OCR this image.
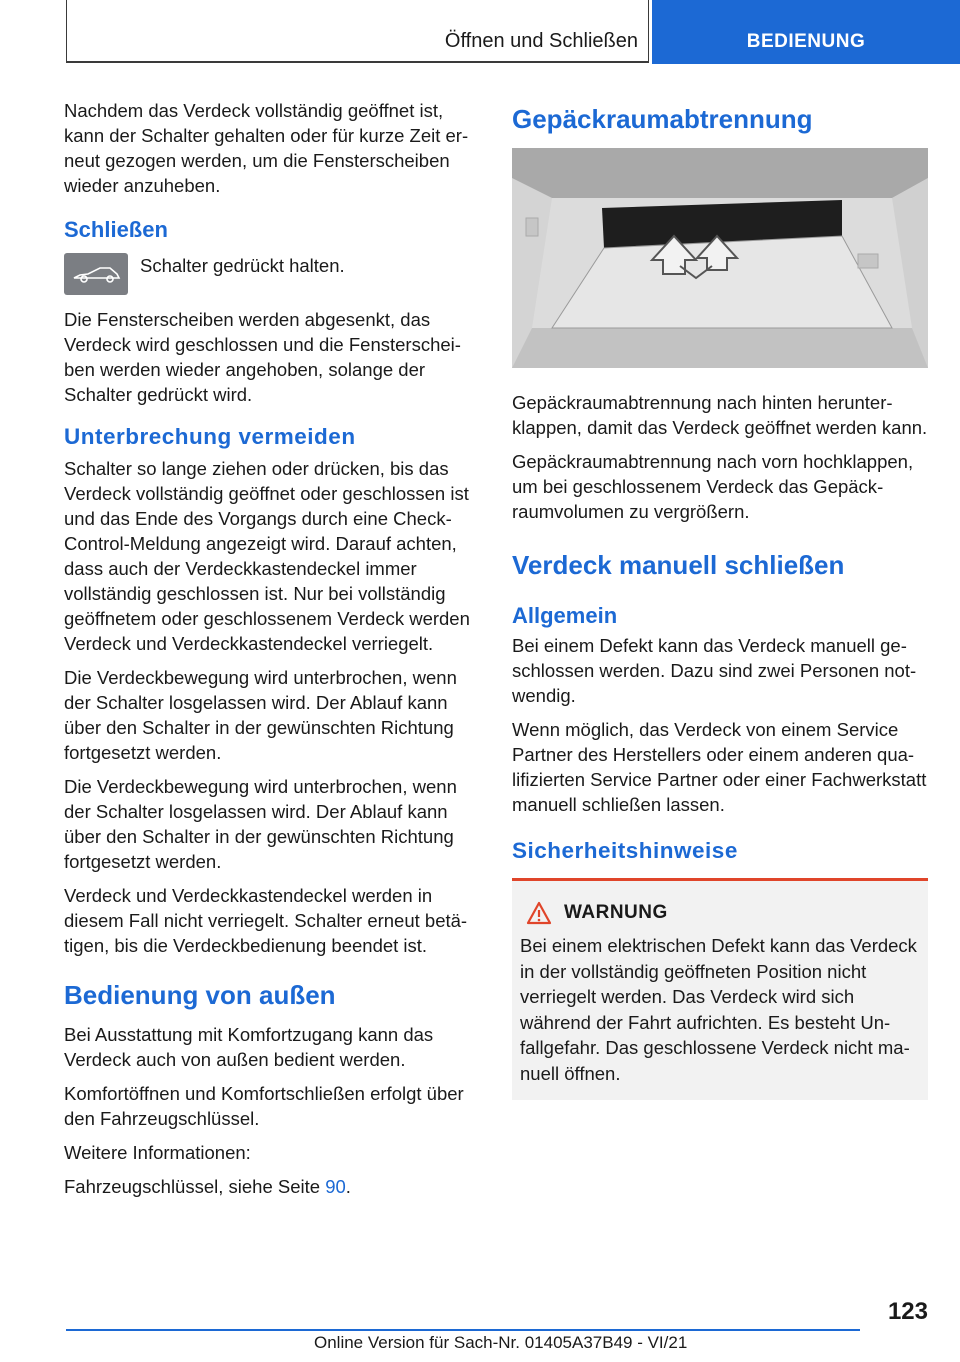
Öffnen und Schließen	BEDIENUNG

Nachdem das Verdeck vollständig geöffnet ist, kann der Schalter gehalten oder für kurze Zeit erneut gezogen werden, um die Fensterscheiben wieder anzuheben.

Schließen

Schalter gedrückt halten.

Die Fensterscheiben werden abgesenkt, das Verdeck wird geschlossen und die Fensterscheiben werden wieder angehoben, solange der Schalter gedrückt wird.

Unterbrechung vermeiden

Schalter so lange ziehen oder drücken, bis das Verdeck vollständig geöffnet oder geschlossen ist und das Ende des Vorgangs durch eine Check-Control-Meldung angezeigt wird. Darauf achten, dass auch der Verdeckkastendeckel immer vollständig geschlossen ist. Nur bei vollständig geöffnetem oder geschlossenem Verdeck werden Verdeck und Verdeckkastendeckel verriegelt.

Die Verdeckbewegung wird unterbrochen, wenn der Schalter losgelassen wird. Der Ablauf kann über den Schalter in der gewünschten Richtung fortgesetzt werden.

Die Verdeckbewegung wird unterbrochen, wenn der Schalter losgelassen wird. Der Ablauf kann über den Schalter in der gewünschten Richtung fortgesetzt werden.

Verdeck und Verdeckkastendeckel werden in diesem Fall nicht verriegelt. Schalter erneut betätigen, bis die Verdeckbedienung beendet ist.

Bedienung von außen

Bei Ausstattung mit Komfortzugang kann das Verdeck auch von außen bedient werden.

Komfortöffnen und Komfortschließen erfolgt über den Fahrzeugschlüssel.

Weitere Informationen:

Fahrzeugschlüssel, siehe Seite 90.

Gepäckraumabtrennung

Gepäckraumabtrennung nach hinten herunterklappen, damit das Verdeck geöffnet werden kann.

Gepäckraumabtrennung nach vorn hochklappen, um bei geschlossenem Verdeck das Gepäckraumvolumen zu vergrößern.

Verdeck manuell schließen
Allgemein

Bei einem Defekt kann das Verdeck manuell geschlossen werden. Dazu sind zwei Personen notwendig.

Wenn möglich, das Verdeck von einem Service Partner des Herstellers oder einem anderen qualifizierten Service Partner oder einer Fachwerkstatt manuell schließen lassen.

Sicherheitshinweise
WARNUNG

Bei einem elektrischen Defekt kann das Verdeck in der vollständig geöffneten Position nicht verriegelt werden. Das Verdeck wird sich während der Fahrt aufrichten. Es besteht Unfallgefahr. Das geschlossene Verdeck nicht manuell öffnen.

123
Online Version für Sach-Nr. 01405A37B49 - VI/21
